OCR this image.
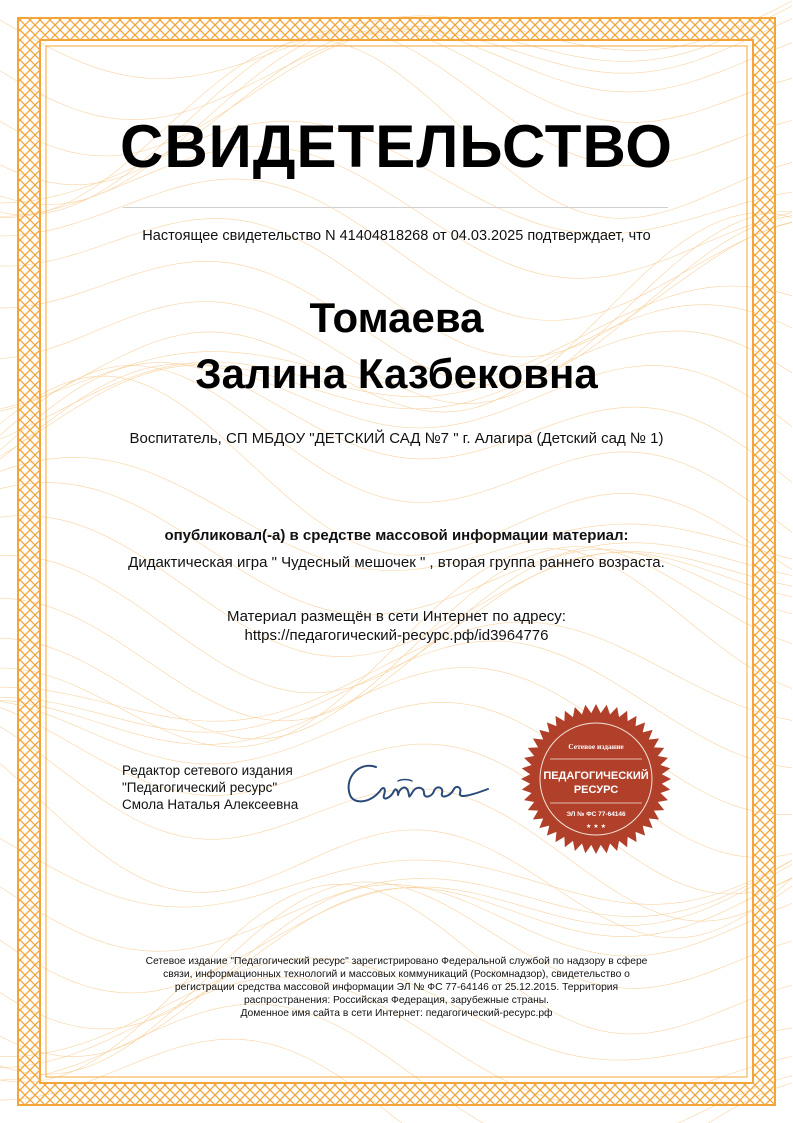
СВИДЕТЕЛЬСТВО
Настоящее свидетельство N 41404818268 от 04.03.2025 подтверждает, что
Томаева
Залина Казбековна
Воспитатель, СП МБДОУ "ДЕТСКИЙ САД №7 " г. Алагира (Детский сад № 1)
опубликовал(-а) в средстве массовой информации материал:
Дидактическая игра " Чудесный мешочек " , вторая группа раннего возраста.
Материал размещён в сети Интернет по адресу:
https://педагогический-ресурс.рф/id3964776
Редактор сетевого издания
"Педагогический ресурс"
Смола Наталья Алексеевна
Сетевое издание
ПЕДАГОГИЧЕСКИЙ
РЕСУРС
ЭЛ № ФС 77-64146
★ ★ ★
Сетевое издание "Педагогический ресурс" зарегистрировано Федеральной службой по надзору в сфере
связи, информационных технологий и массовых коммуникаций (Роскомнадзор), свидетельство о
регистрации средства массовой информации ЭЛ № ФС 77-64146 от 25.12.2015. Территория
распространения: Российская Федерация, зарубежные страны.
Доменное имя сайта в сети Интернет: педагогический-ресурс.рф
